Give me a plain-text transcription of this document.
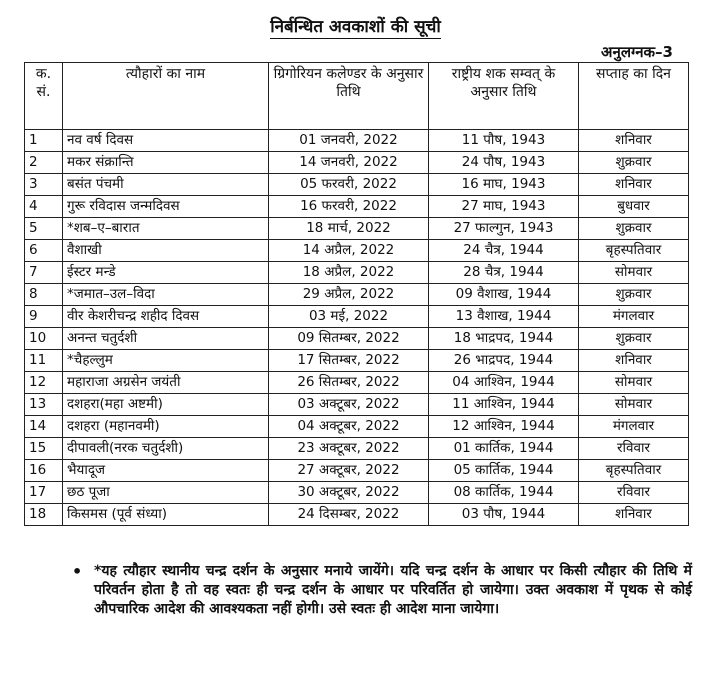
निर्बन्धित अवकाशों की सूची
अनुलग्नक–3
क. सं.	त्यौहारों का नाम	ग्रिगोरियन कलेण्डर के अनुसार तिथि	राष्ट्रीय शक सम्वत् के अनुसार तिथि	सप्ताह का दिन
1	नव वर्ष दिवस	01 जनवरी, 2022	11 पौष, 1943	शनिवार
2	मकर संक्रान्ति	14 जनवरी, 2022	24 पौष, 1943	शुक्रवार
3	बसंत पंचमी	05 फरवरी, 2022	16 माघ, 1943	शनिवार
4	गुरू रविदास जन्मदिवस	16 फरवरी, 2022	27 माघ, 1943	बुधवार
5	*शब–ए–बारात	18 मार्च, 2022	27 फाल्गुन, 1943	शुक्रवार
6	वैशाखी	14 अप्रैल, 2022	24 चैत्र, 1944	बृहस्पतिवार
7	ईस्टर मन्डे	18 अप्रैल, 2022	28 चैत्र, 1944	सोमवार
8	*जमात–उल–विदा	29 अप्रैल, 2022	09 वैशाख, 1944	शुक्रवार
9	वीर केशरीचन्द्र शहीद दिवस	03 मई, 2022	13 वैशाख, 1944	मंगलवार
10	अनन्त चतुर्दशी	09 सितम्बर, 2022	18 भाद्रपद, 1944	शुक्रवार
11	*चैहल्लुम	17 सितम्बर, 2022	26 भाद्रपद, 1944	शनिवार
12	महाराजा अग्रसेन जयंती	26 सितम्बर, 2022	04 आश्विन, 1944	सोमवार
13	दशहरा(महा अष्टमी)	03 अक्टूबर, 2022	11 आश्विन, 1944	सोमवार
14	दशहरा (महानवमी)	04 अक्टूबर, 2022	12 आश्विन, 1944	मंगलवार
15	दीपावली(नरक चतुर्दशी)	23 अक्टूबर, 2022	01 कार्तिक, 1944	रविवार
16	भैयादूज	27 अक्टूबर, 2022	05 कार्तिक, 1944	बृहस्पतिवार
17	छठ पूजा	30 अक्टूबर, 2022	08 कार्तिक, 1944	रविवार
18	किसमस (पूर्व संध्या)	24 दिसम्बर, 2022	03 पौष, 1944	शनिवार
*यह त्यौहार स्थानीय चन्द्र दर्शन के अनुसार मनाये जायेंगे। यदि चन्द्र दर्शन के आधार पर किसी त्यौहार की तिथि में परिवर्तन होता है तो वह स्वतः ही चन्द्र दर्शन के आधार पर परिवर्तित हो जायेगा। उक्त अवकाश में पृथक से कोई औपचारिक आदेश की आवश्यकता नहीं होगी। उसे स्वतः ही आदेश माना जायेगा।
•
